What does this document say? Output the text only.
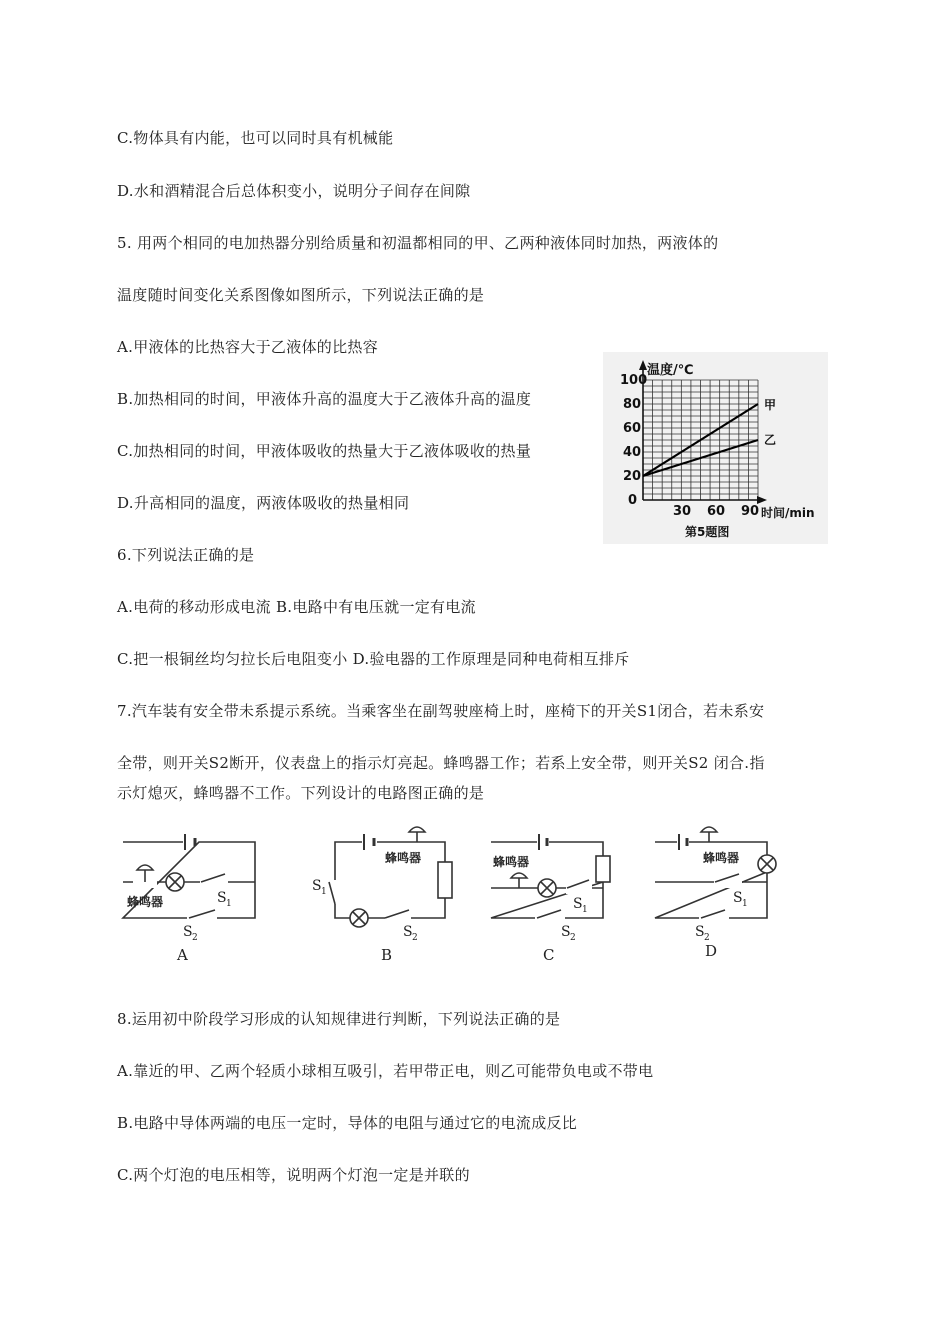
C.物体具有内能，也可以同时具有机械能
D.水和酒精混合后总体积变小，说明分子间存在间隙
5. 用两个相同的电加热器分别给质量和初温都相同的甲、乙两种液体同时加热，两液体的
温度随时间变化关系图像如图所示，下列说法正确的是
A.甲液体的比热容大于乙液体的比热容
B.加热相同的时间，甲液体升高的温度大于乙液体升高的温度
C.加热相同的时间，甲液体吸收的热量大于乙液体吸收的热量
D.升高相同的温度，两液体吸收的热量相同
6.下列说法正确的是
A.电荷的移动形成电流 B.电路中有电压就一定有电流
C.把一根铜丝均匀拉长后电阻变小 D.验电器的工作原理是同种电荷相互排斥
7.汽车装有安全带未系提示系统。当乘客坐在副驾驶座椅上时，座椅下的开关S1闭合，若未系安
全带，则开关S2断开，仪表盘上的指示灯亮起。蜂鸣器工作；若系上安全带，则开关S2 闭合.指
示灯熄灭，蜂鸣器不工作。下列设计的电路图正确的是
8.运用初中阶段学习形成的认知规律进行判断，下列说法正确的是
A.靠近的甲、乙两个轻质小球相互吸引，若甲带正电，则乙可能带负电或不带电
B.电路中导体两端的电压一定时，导体的电阻与通过它的电流成反比
C.两个灯泡的电压相等，说明两个灯泡一定是并联的
100
80
60
40
20
0
温度/℃
30 60 90 时间/min
甲
乙
第5题图
蜂鸣器	S 1
S 2
A
蜂鸣器
S 1
S 2
B
蜂鸣器
S 1
S 2
C
蜂鸣器
S 1
S 2
D
